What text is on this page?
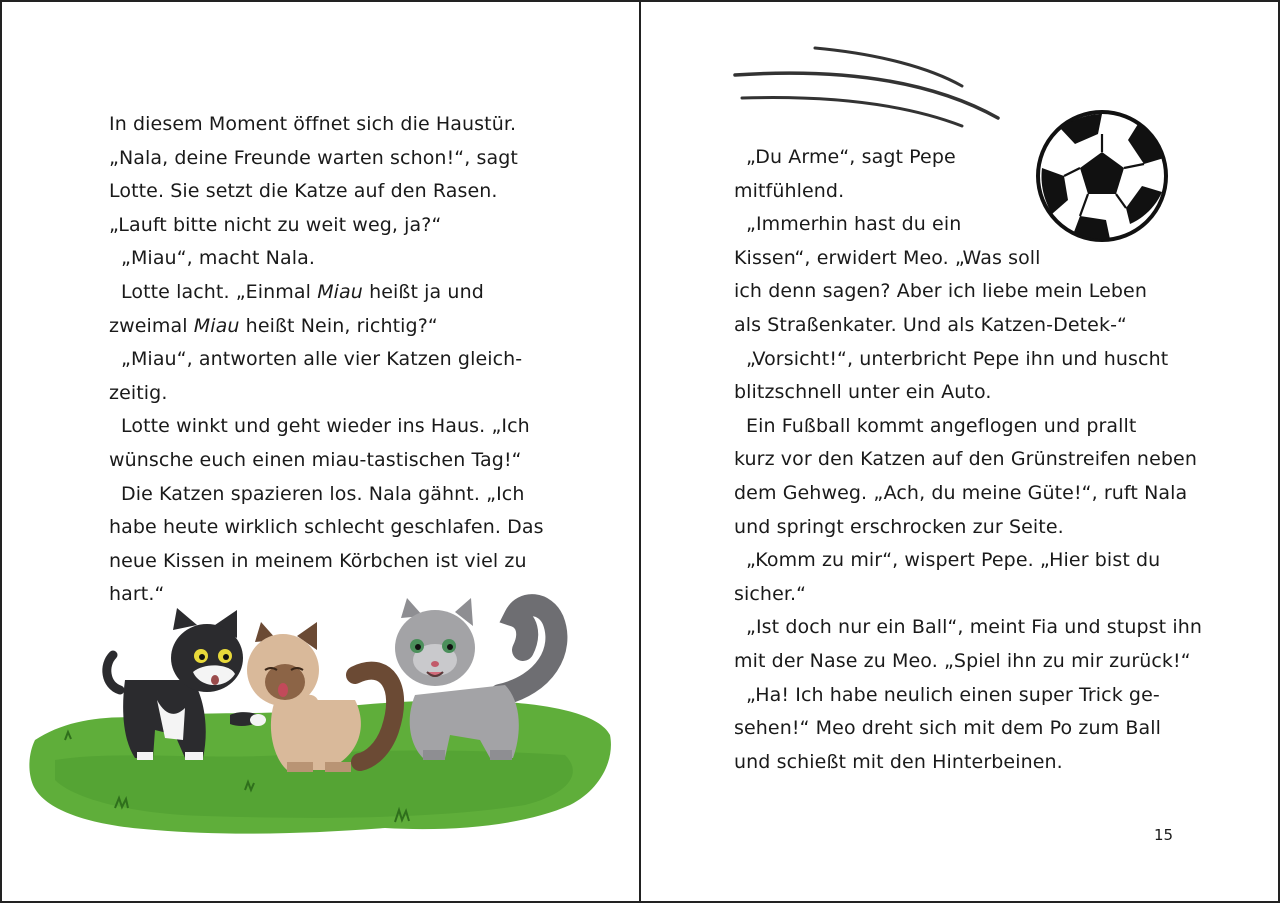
In diesem Moment öffnet sich die Haustür.

„Nala, deine Freunde warten schon!“, sagt

Lotte. Sie setzt die Katze auf den Rasen.

„Lauft bitte nicht zu weit weg, ja?“

„Miau“, macht Nala.

Lotte lacht. „Einmal Miau heißt ja und

zweimal Miau heißt Nein, richtig?“

„Miau“, antworten alle vier Katzen gleich-

zeitig.

Lotte winkt und geht wieder ins Haus. „Ich

wünsche euch einen miau-tastischen Tag!“

Die Katzen spazieren los. Nala gähnt. „Ich

habe heute wirklich schlecht geschlafen. Das

neue Kissen in meinem Körbchen ist viel zu

hart.“

„Du Arme“, sagt Pepe

mitfühlend.

„Immerhin hast du ein

Kissen“, erwidert Meo. „Was soll

ich denn sagen? Aber ich liebe mein Leben

als Straßenkater. Und als Katzen-Detek-“

„Vorsicht!“, unterbricht Pepe ihn und huscht

blitzschnell unter ein Auto.

Ein Fußball kommt angeflogen und prallt

kurz vor den Katzen auf den Grünstreifen neben

dem Gehweg. „Ach, du meine Güte!“, ruft Nala

und springt erschrocken zur Seite.

„Komm zu mir“, wispert Pepe. „Hier bist du

sicher.“

„Ist doch nur ein Ball“, meint Fia und stupst ihn

mit der Nase zu Meo. „Spiel ihn zu mir zurück!“

„Ha! Ich habe neulich einen super Trick ge-

sehen!“ Meo dreht sich mit dem Po zum Ball

und schießt mit den Hinterbeinen.

15
